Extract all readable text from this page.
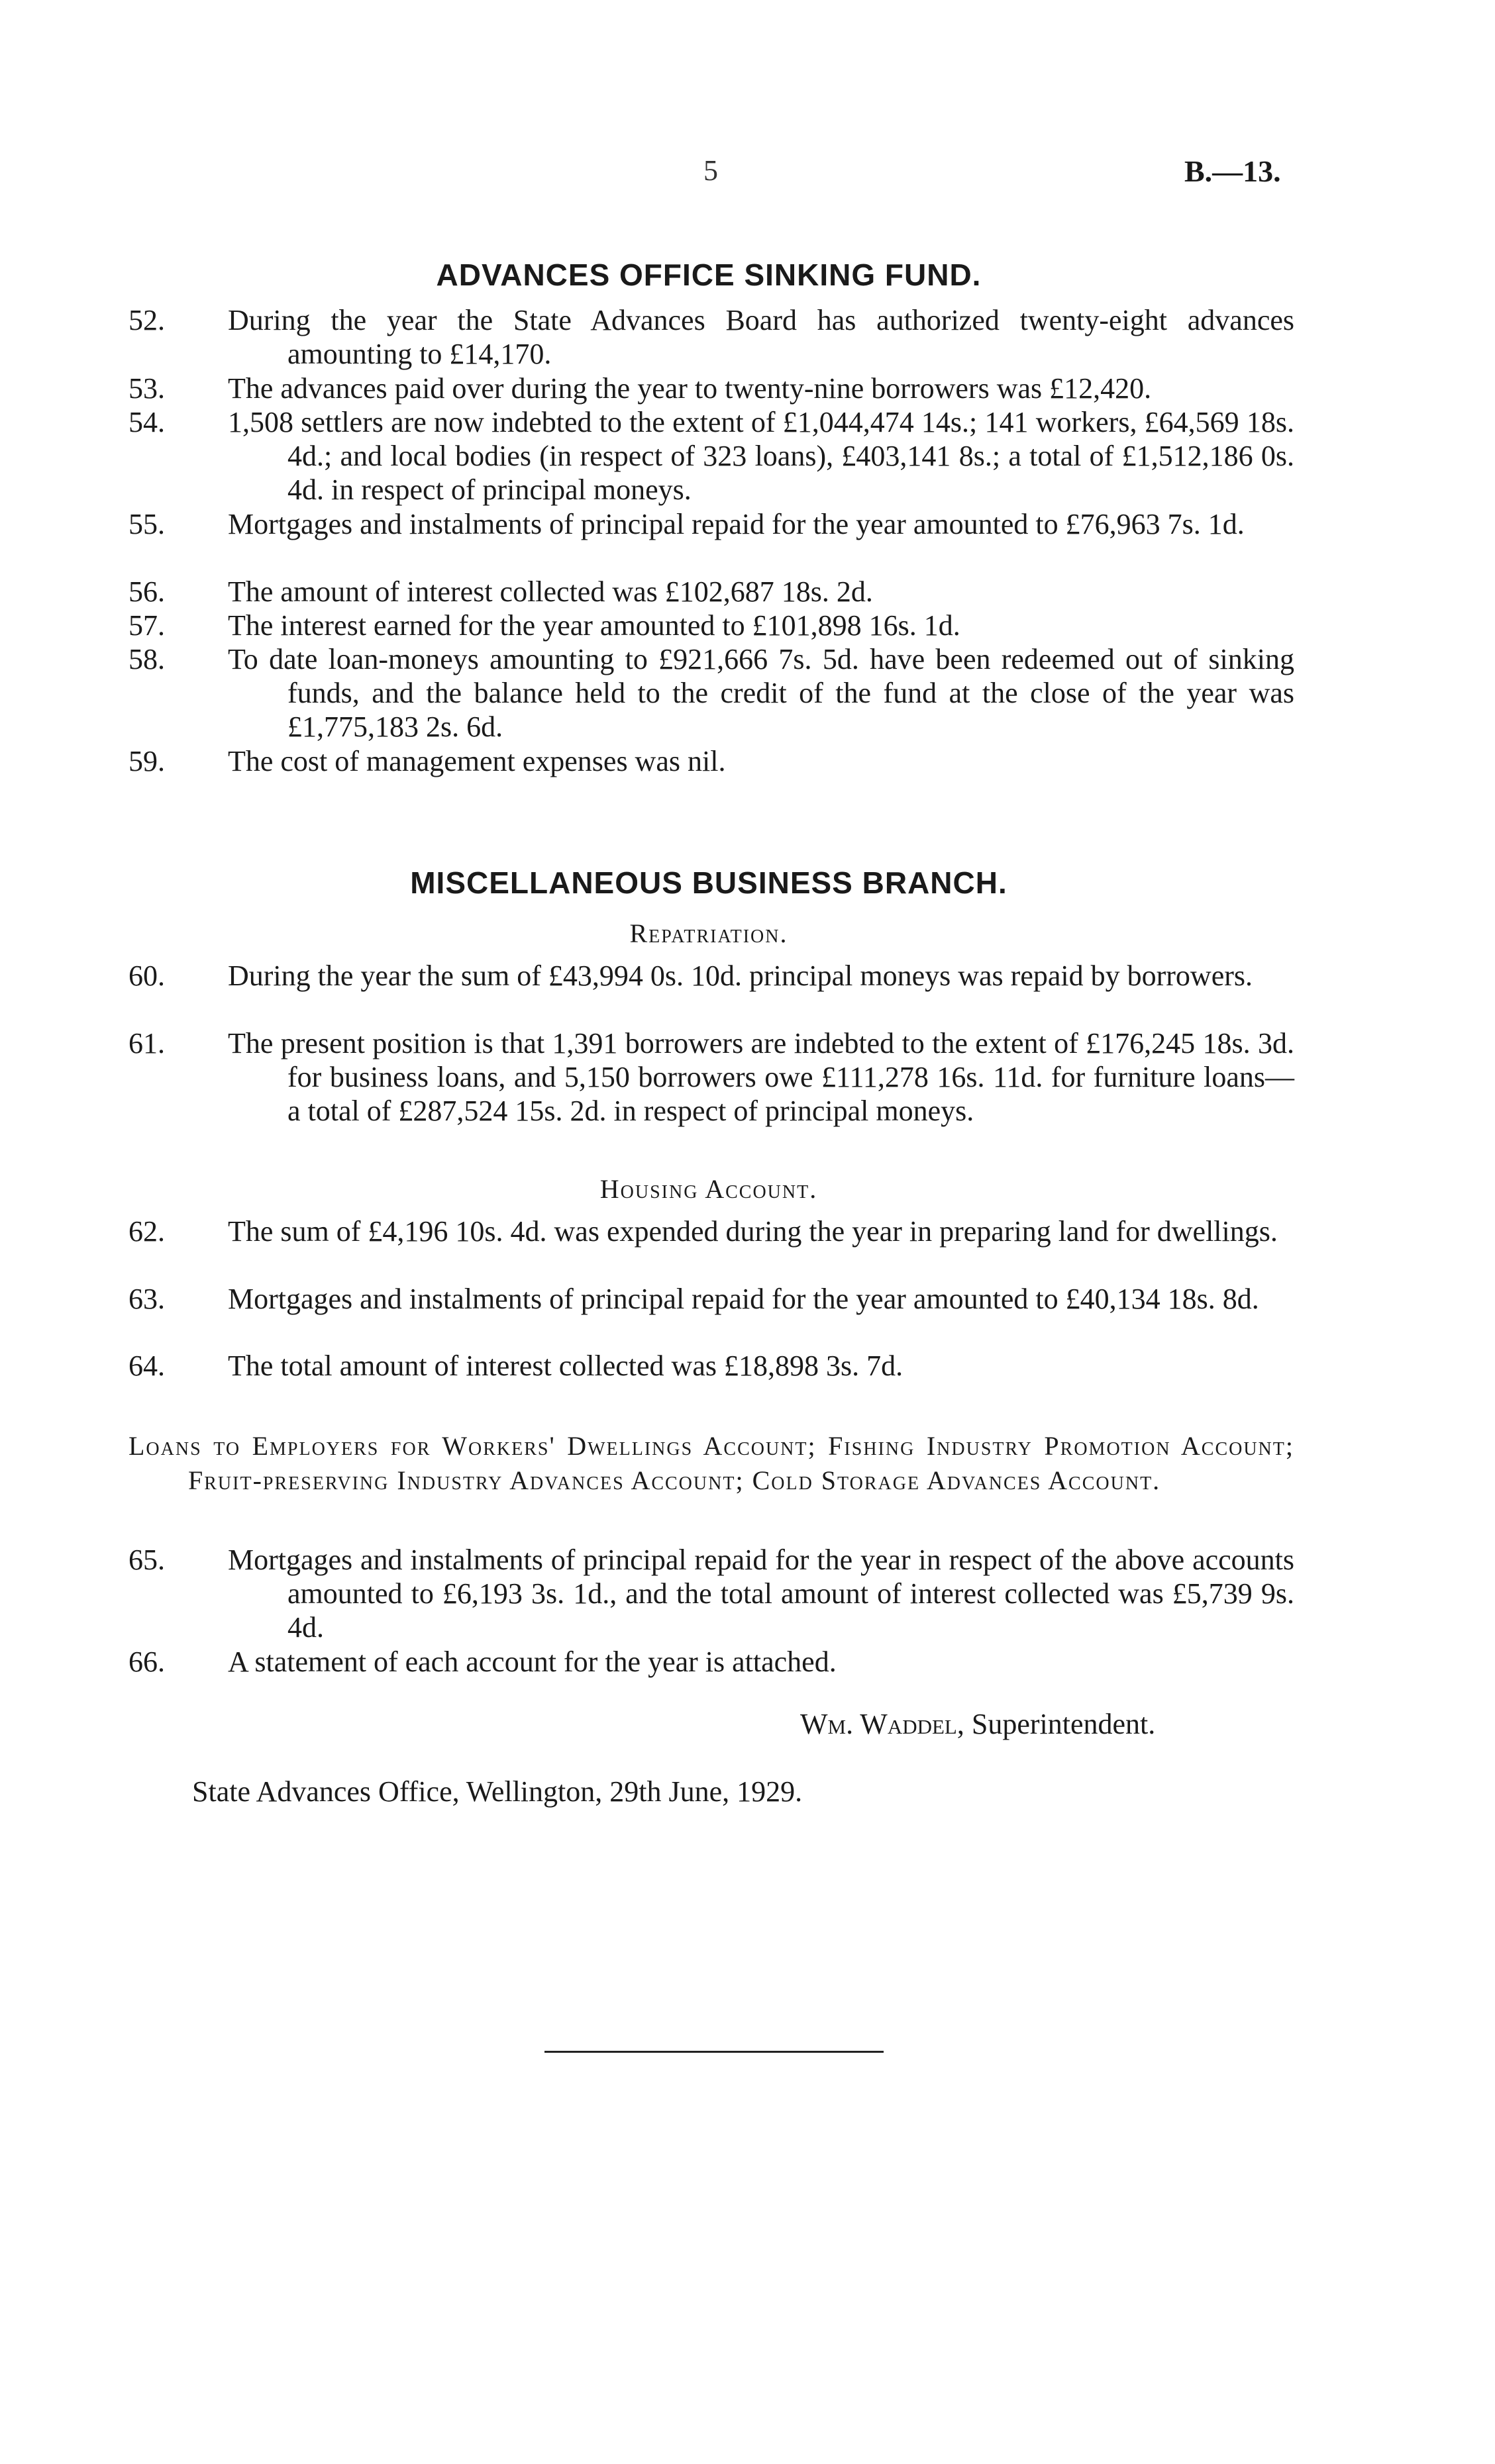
5	B.—13.
ADVANCES OFFICE SINKING FUND.
52. During the year the State Advances Board has authorized twenty-eight advances amounting to £14,170.
53. The advances paid over during the year to twenty-nine borrowers was £12,420.
54. 1,508 settlers are now indebted to the extent of £1,044,474 14s.; 141 workers, £64,569 18s. 4d.; and local bodies (in respect of 323 loans), £403,141 8s.; a total of £1,512,186 0s. 4d. in respect of principal moneys.
55. Mortgages and instalments of principal repaid for the year amounted to £76,963 7s. 1d.
56. The amount of interest collected was £102,687 18s. 2d.
57. The interest earned for the year amounted to £101,898 16s. 1d.
58. To date loan-moneys amounting to £921,666 7s. 5d. have been redeemed out of sinking funds, and the balance held to the credit of the fund at the close of the year was £1,775,183 2s. 6d.
59. The cost of management expenses was nil.
MISCELLANEOUS BUSINESS BRANCH.
Repatriation.
60. During the year the sum of £43,994 0s. 10d. principal moneys was repaid by borrowers.
61. The present position is that 1,391 borrowers are indebted to the extent of £176,245 18s. 3d. for business loans, and 5,150 borrowers owe £111,278 16s. 11d. for furniture loans—a total of £287,524 15s. 2d. in respect of principal moneys.
Housing Account.
62. The sum of £4,196 10s. 4d. was expended during the year in preparing land for dwellings.
63. Mortgages and instalments of principal repaid for the year amounted to £40,134 18s. 8d.
64. The total amount of interest collected was £18,898 3s. 7d.
Loans to Employers for Workers' Dwellings Account; Fishing Industry Promotion Account; Fruit-preserving Industry Advances Account; Cold Storage Advances Account.
65. Mortgages and instalments of principal repaid for the year in respect of the above accounts amounted to £6,193 3s. 1d., and the total amount of interest collected was £5,739 9s. 4d.
66. A statement of each account for the year is attached.
Wm. Waddel, Superintendent.
State Advances Office, Wellington, 29th June, 1929.
